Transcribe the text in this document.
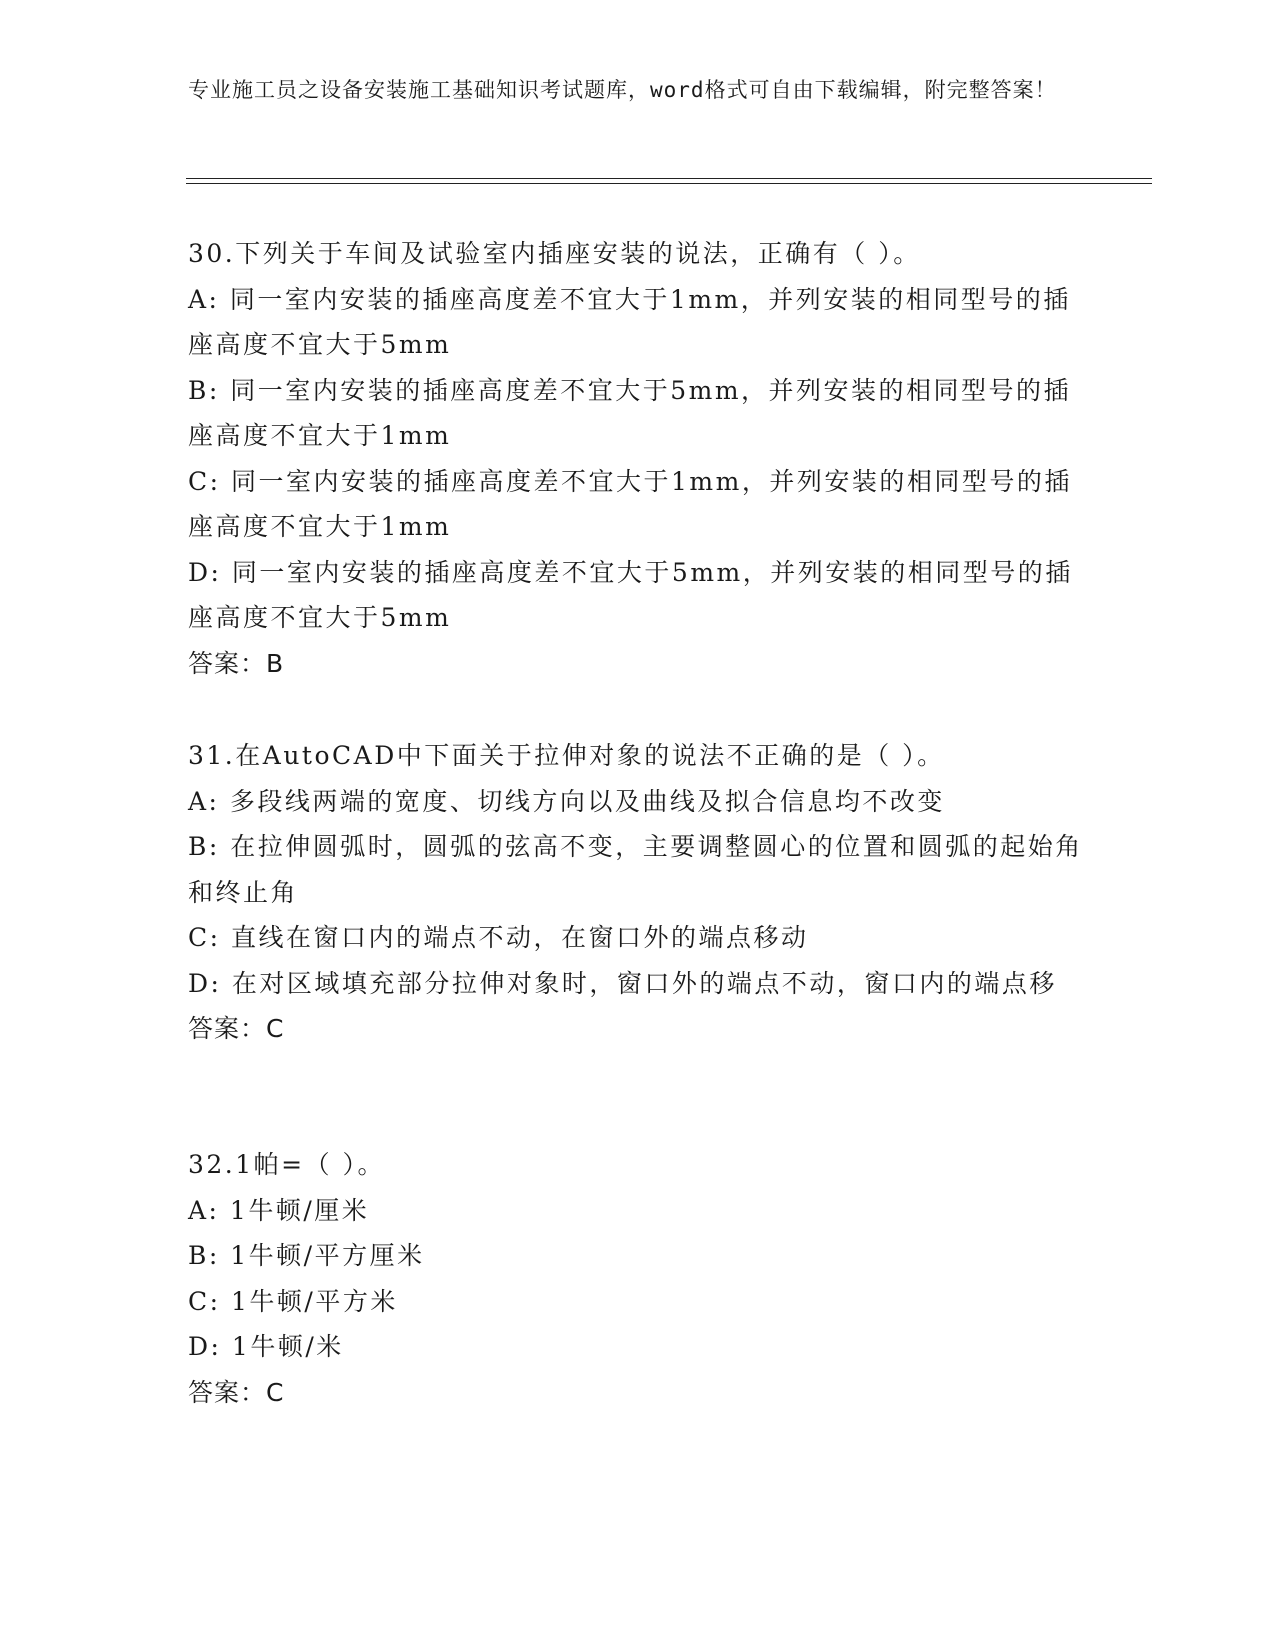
专业施工员之设备安装施工基础知识考试题库，word格式可自由下载编辑，附完整答案！
30.下列关于车间及试验室内插座安装的说法，正确有（ ）。
A: 同一室内安装的插座高度差不宜大于1mm，并列安装的相同型号的插座高度不宜大于5mm
B: 同一室内安装的插座高度差不宜大于5mm，并列安装的相同型号的插座高度不宜大于1mm
C: 同一室内安装的插座高度差不宜大于1mm，并列安装的相同型号的插座高度不宜大于1mm
D: 同一室内安装的插座高度差不宜大于5mm，并列安装的相同型号的插座高度不宜大于5mm
答案：B
31.在AutoCAD中下面关于拉伸对象的说法不正确的是（ ）。
A: 多段线两端的宽度、切线方向以及曲线及拟合信息均不改变
B: 在拉伸圆弧时，圆弧的弦高不变，主要调整圆心的位置和圆弧的起始角和终止角
C: 直线在窗口内的端点不动，在窗口外的端点移动
D: 在对区域填充部分拉伸对象时，窗口外的端点不动，窗口内的端点移
答案：C
32.1帕=（ ）。
A: 1牛顿/厘米
B: 1牛顿/平方厘米
C: 1牛顿/平方米
D: 1牛顿/米
答案：C
